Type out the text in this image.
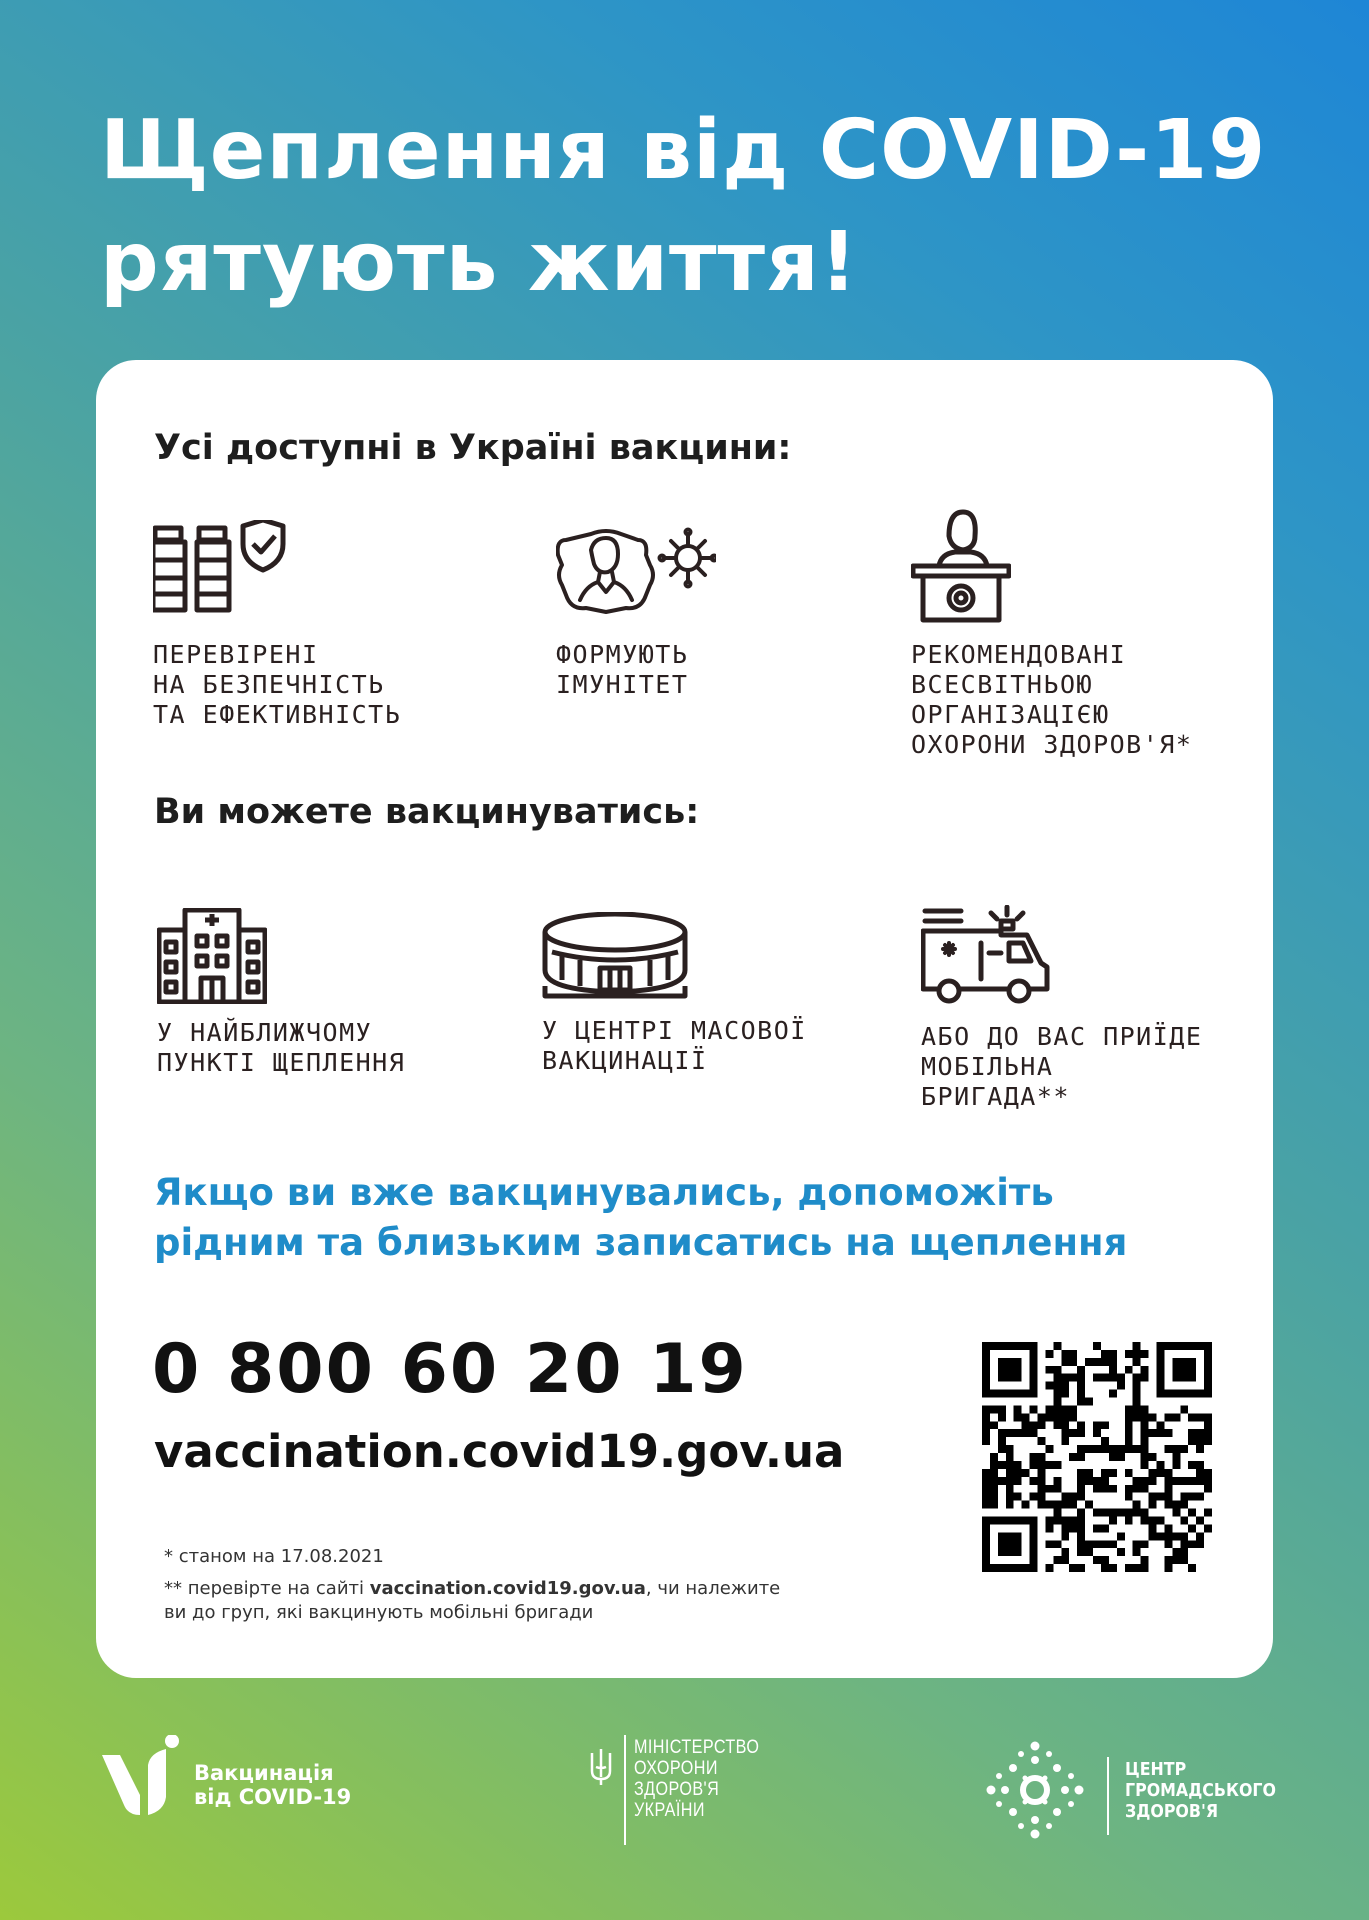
Щеплення від COVID-19
рятують життя!
Усі доступні в Україні вакцини:
ПЕРЕВІРЕНІ
НА БЕЗПЕЧНІСТЬ
ТА ЕФЕКТИВНІСТЬ
ФОРМУЮТЬ
ІМУНІТЕТ
РЕКОМЕНДОВАНІ
ВСЕСВІТНЬОЮ
ОРГАНІЗАЦІЄЮ
ОХОРОНИ ЗДОРОВ'Я*
Ви можете вакцинуватись:
У НАЙБЛИЖЧОМУ
ПУНКТІ ЩЕПЛЕННЯ
У ЦЕНТРІ МАСОВОЇ
ВАКЦИНАЦІЇ
АБО ДО ВАС ПРИЇДЕ
МОБІЛЬНА
БРИГАДА**
Якщо ви вже вакцинувались, допоможіть
рідним та близьким записатись на щеплення
0 800 60 20 19
vaccination.covid19.gov.ua
* станом на 17.08.2021
** перевірте на сайті vaccination.covid19.gov.ua, чи належите
ви до груп, які вакцинують мобільні бригади
Вакцинація
від COVID-19
МІНІСТЕРСТВО
ОХОРОНИ
ЗДОРОВ'Я
УКРАЇНИ
ЦЕНТР
ГРОМАДСЬКОГО
ЗДОРОВ'Я
